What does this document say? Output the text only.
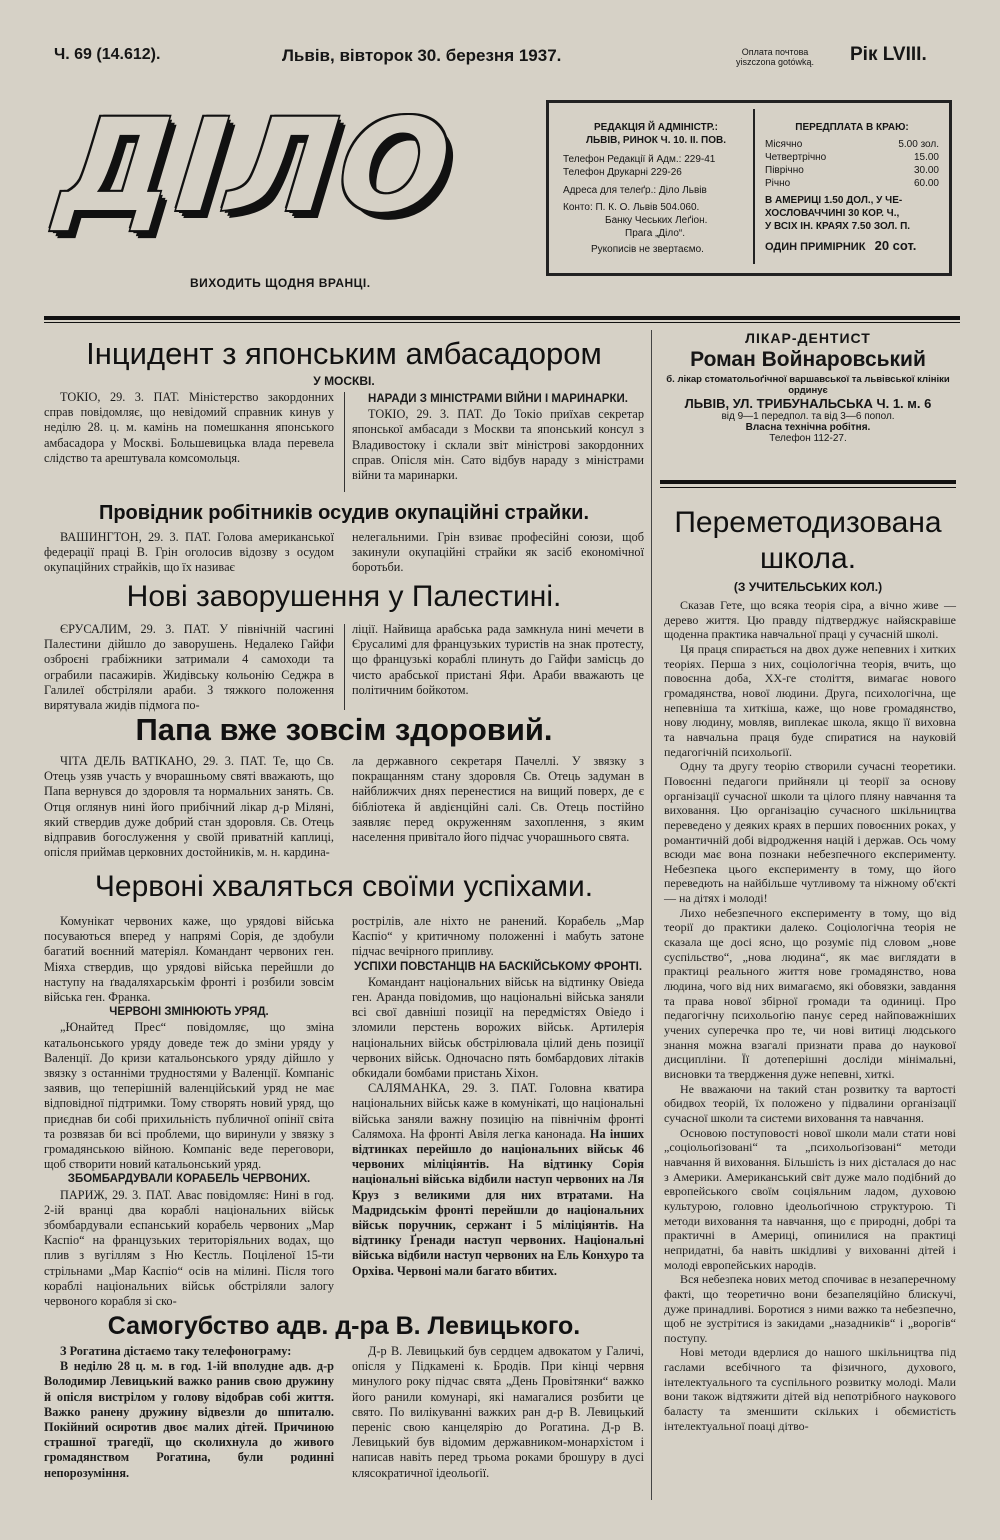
Ч. 69 (14.612).	Львів, вівторок 30. березня 1937.	Оплата почтова
уіszczona gotówką.	Рік LVIII.
ДІЛО
ВИХОДИТЬ ЩОДНЯ ВРАНЦІ.
РЕДАКЦІЯ Й АДМІНІСТР.:
ЛЬВІВ, РИНОК Ч. 10. II. ПОВ.
Телефон Редакції й Адм.: 229-41
Телефон Друкарні 229-26
Адреса для телеґр.: Діло Львів
Конто: П. К. О. Львів 504.060.
Банку Чеських Леґіон.
Прага „Діло“.
Рукописів не звертаємо.
ПЕРЕДПЛАТА В КРАЮ:
Місячно	5.00 зол.
Четвертрічно	15.00
Піврічно	30.00
Річно	60.00
В АМЕРИЦІ 1.50 ДОЛ., У ЧЕ-
ХОСЛОВАЧЧИНІ 30 КОР. Ч.,
У ВСІХ ІН. КРАЯХ 7.50 ЗОЛ. П.
ОДИН ПРИМІРНИК 20 сот.
Інцидент з японським амбасадором
У МОСКВІ.

ТОКІО, 29. 3. ПАТ. Міністерство закордонних справ повідомляє, що невідомий справник кинув у неділю 28. ц. м. камінь на помешкання японського амбасадора у Москві. Большевицька влада перевела слідство та арештувала комсомольця.

НАРАДИ З МІНІСТРАМИ ВІЙНИ І МАРИНАРКИ.

ТОКІО, 29. 3. ПАТ. До Токіо приїхав секретар японської амбасади з Москви та японський консул з Владивостоку і склали звіт міністрові закордонних справ. Опісля мін. Сато відбув нараду з міністрами війни та маринарки.

Провідник робітників осудив окупаційні страйки.

ВАШИНГТОН, 29. 3. ПАТ. Голова американської федерації праці В. Грін оголосив відозву з осудом окупаційних страйків, що їх називає

нелегальними. Грін взиває професійні союзи, щоб закинули окупаційні страйки як засіб економічної боротьби.

Нові заворушення у Палестині.

ЄРУСАЛИМ, 29. 3. ПАТ. У північній часгині Палестини дійшло до заворушень. Недалеко Гайфи озброєні грабіжники затримали 4 самоходи та ограбили пасажирів. Жидівську кольонію Седжра в Галилеї обстріляли араби. З тяжкого положення вирятувала жидів підмога по-

ліції. Найвища арабська рада замкнула нині мечети в Єрусалимі для французьких туристів на знак протесту, що французькі кораблі плинуть до Гайфи замісць до чисто арабської пристані Яфи. Араби вважають це політичним бойкотом.

Папа вже зовсім здоровий.

ЧІТА ДЕЛЬ ВАТІКАНО, 29. 3. ПАТ. Те, що Св. Отець узяв участь у вчорашньому святі вважають, що Папа вернувся до здоровля та нормальних занять. Св. Отця оглянув нині його прибічний лікар д-р Міляні, який ствердив дуже добрий стан здоровля. Св. Отець відправив богослуження у своїй приватній каплиці, опісля приймав церковних достойників, м. н. кардина-

ла державного секретаря Пачеллі. У звязку з покращанням стану здоровля Св. Отець задуман в найближчих днях перенестися на вищий поверх, де є бібліотека й авдієнційні салі. Св. Отець постійно заявляє перед окруженням захоплення, з яким населення привітало його підчас учорашнього свята.

Червоні хваляться своїми успіхами.

Комунікат червоних каже, що урядові війська посуваються вперед у напрямі Сорія, де здобули багатий воєнний матеріял. Командант червоних ген. Міяха ствердив, що урядові війська перейшли до наступу на ґвадаляхарськім фронті і розбили зовсім війська ген. Франка.

ЧЕРВОНІ ЗМІНЮЮТЬ УРЯД.

„Юнайтед Прес“ повідомляє, що зміна катальонського уряду доведе теж до зміни уряду у Валенції. До кризи катальонського уряду дійшло у звязку з останніми трудностями у Валенції. Компаніс заявив, що теперішній валенційський уряд не має відповідної підтримки. Тому створять новий уряд, що приєднав би собі прихильність публичної опінії світа та розвязав би всі проблеми, що виринули у звязку з громадянською війною. Компаніс веде переговори, щоб створити новий катальонський уряд.

ЗБОМБАРДУВАЛИ КОРАБЕЛЬ ЧЕРВОНИХ.

ПАРИЖ, 29. 3. ПАТ. Авас повідомляє: Нині в год. 2-ій вранці два кораблі національних військ збомбардували еспанський корабель червоних „Мар Каспіо“ на французьких територіяльних водах, що плив з вугіллям з Ню Кестль. Поціленої 15-ти стрільнами „Мар Каспіо“ осів на мілині. Після того кораблі національних військ обстріляли залогу червоного корабля зі ско-

рострілів, але ніхто не ранений. Корабель „Мар Каспіо“ у критичному положенні і мабуть затоне підчас вечірного припливу.

УСПІХИ ПОВСТАНЦІВ НА БАСКІЙСЬКОМУ ФРОНТІ.

Командант національних військ на відтинку Овіеда ген. Аранда повідомив, що національні війська заняли всі свої давніші позиції на передмістях Овіедо і зломили перстень ворожих військ. Артилерія національних військ обстрілювала цілий день позиції червоних військ. Одночасно пять бомбардових літаків обкидали бомбами пристань Хіхон.

САЛЯМАНКА, 29. 3. ПАТ. Головна кватира національних військ каже в комунікаті, що національні війська заняли важну позицію на північнім фронті Салямоха. На фронті Авіля легка канонада. На інших відтинках перейшло до національних військ 46 червоних міліціянтів. На відтинку Сорія національні війська відбили наступ червоних на Ля Круз з великими для них втратами. На Мадридськім фронті перейшли до національних військ поручник, сержант і 5 міліціянтів. На відтинку Ґренади наступ червоних. Національні війська відбили наступ червоних на Ель Конхуро та Орхіва. Червоні мали багато вбитих.

Самогубство адв. д-ра В. Левицького.

З Рогатина дістаємо таку телефонограму:

В неділю 28 ц. м. в год. 1-ій вполудне адв. д-р Володимир Левицький важко ранив свою дружину й опісля вистрілом у голову відобрав собі життя. Важко ранену дружину відвезли до шпиталю. Покійний осиротив двоє малих дітей. Причиною страшної трагедії, що сколихнула до живого громадянством Рогатина, були родинні непорозуміння.

Д-р В. Левицький був сердцем адвокатом у Галичі, опісля у Підкамені к. Бродів. При кінці червня минулого року підчас свята „День Провітянки“ важко його ранили комунарі, які намагалися розбити це свято. По вилікуванні важких ран д-р В. Левицький переніс свою канцелярію до Рогатина. Д-р В. Левицький був відомим державником-монархістом і написав навіть перед трьома роками брошуру в дусі клясократичної ідеольоґії.

ЛІКАР-ДЕНТИСТ
Роман Войнаровський
б. лікар стоматольоґічної варшавської та львівської клініки
ординує
ЛЬВІВ, УЛ. ТРИБУНАЛЬСЬКА Ч. 1. м. 6
від 9—1 передпол. та від 3—6 попол.
Власна технічна робітня.
Телефон 112-27.
Переметодизована
школа.
(З УЧИТЕЛЬСЬКИХ КОЛ.)

Сказав Гете, що всяка теорія сіра, а вічно живе — дерево життя. Цю правду підтверджує найяскравіше щоденна практика навчальної праці у сучасній школі.

Ця праця спирається на двох дуже непевних і хитких теоріях. Перша з них, соціологічна теорія, вчить, що повоєнна доба, ХХ-ге століття, вимагає нового громадянства, нової людини. Друга, психологічна, ще непевніша та хиткіша, каже, що нове громадянство, нову людину, мовляв, виплекає школа, якщо її виховна та навчальна праця буде спиратися на науковій педагогічній психольоґії.

Одну та другу теорію створили сучасні теоретики. Повоєнні педагоги прийняли ці теорії за основу організації сучасної школи та цілого пляну навчання та виховання. Цю організацію сучасного шкільництва переведено у деяких краях в перших повоєнних роках, у романтичній добі відродження націй і держав. Ось чому всюди має вона познаки небезпечного експерименту. Небезпека цього експерименту в тому, що його переведють на найбільше чутливому та ніжному об'єкті — на дітях і молоді!

Лихо небезпечного експерименту в тому, що від теорії до практики далеко. Соціологічна теорія не сказала ще досі ясно, що розуміє під словом „нове суспільство“, „нова людина“, як має виглядати в практиці реального життя нове громадянство, нова людина, чого від них вимагаємо, які обовязки, завдання та права нової збірної громади та одиниці. Про педагогічну психольоґію панує серед найповажніших учених суперечка про те, чи нові витиці людського знання можна взагалі признати права до наукової дисципліни. Її дотеперішні досліди мінімальні, висновки та твердження дуже непевні, хиткі.

Не вважаючи на такий стан розвитку та вартості обидвох теорій, їх положено у підвалини організації сучасної школи та системи виховання та навчання.

Основою поступовості нової школи мали стати нові „соціольоґізовані“ та „психольоґізовані“ методи навчання й виховання. Більшість із них дісталася до нас з Америки. Американський світ дуже мало подібний до европейського своїм соціяльним ладом, духовою культурою, головно ідеольоґічною структурою. Ті методи виховання та навчання, що є природні, добрі та практичні в Америці, опинилися на практиці непридатні, ба навіть шкідливі у вихованні дітей і молоді европейських народів.

Вся небезпека нових метод спочиває в незаперечному факті, що теоретично вони безапеляційно блискучі, дуже принадливі. Боротися з ними важко та небезпечно, щоб не зустрітися із закидами „назадників“ і „ворогів“ поступу.

Нові методи вдерлися до нашого шкільництва під гаслами всебічного та фізичного, духового, інтелектуального та суспільного розвитку молоді. Мали вони також відтяжити дітей від непотрібного наукового баласту та зменшити скільких і обємистість інтелектуальної поаці дітво-
